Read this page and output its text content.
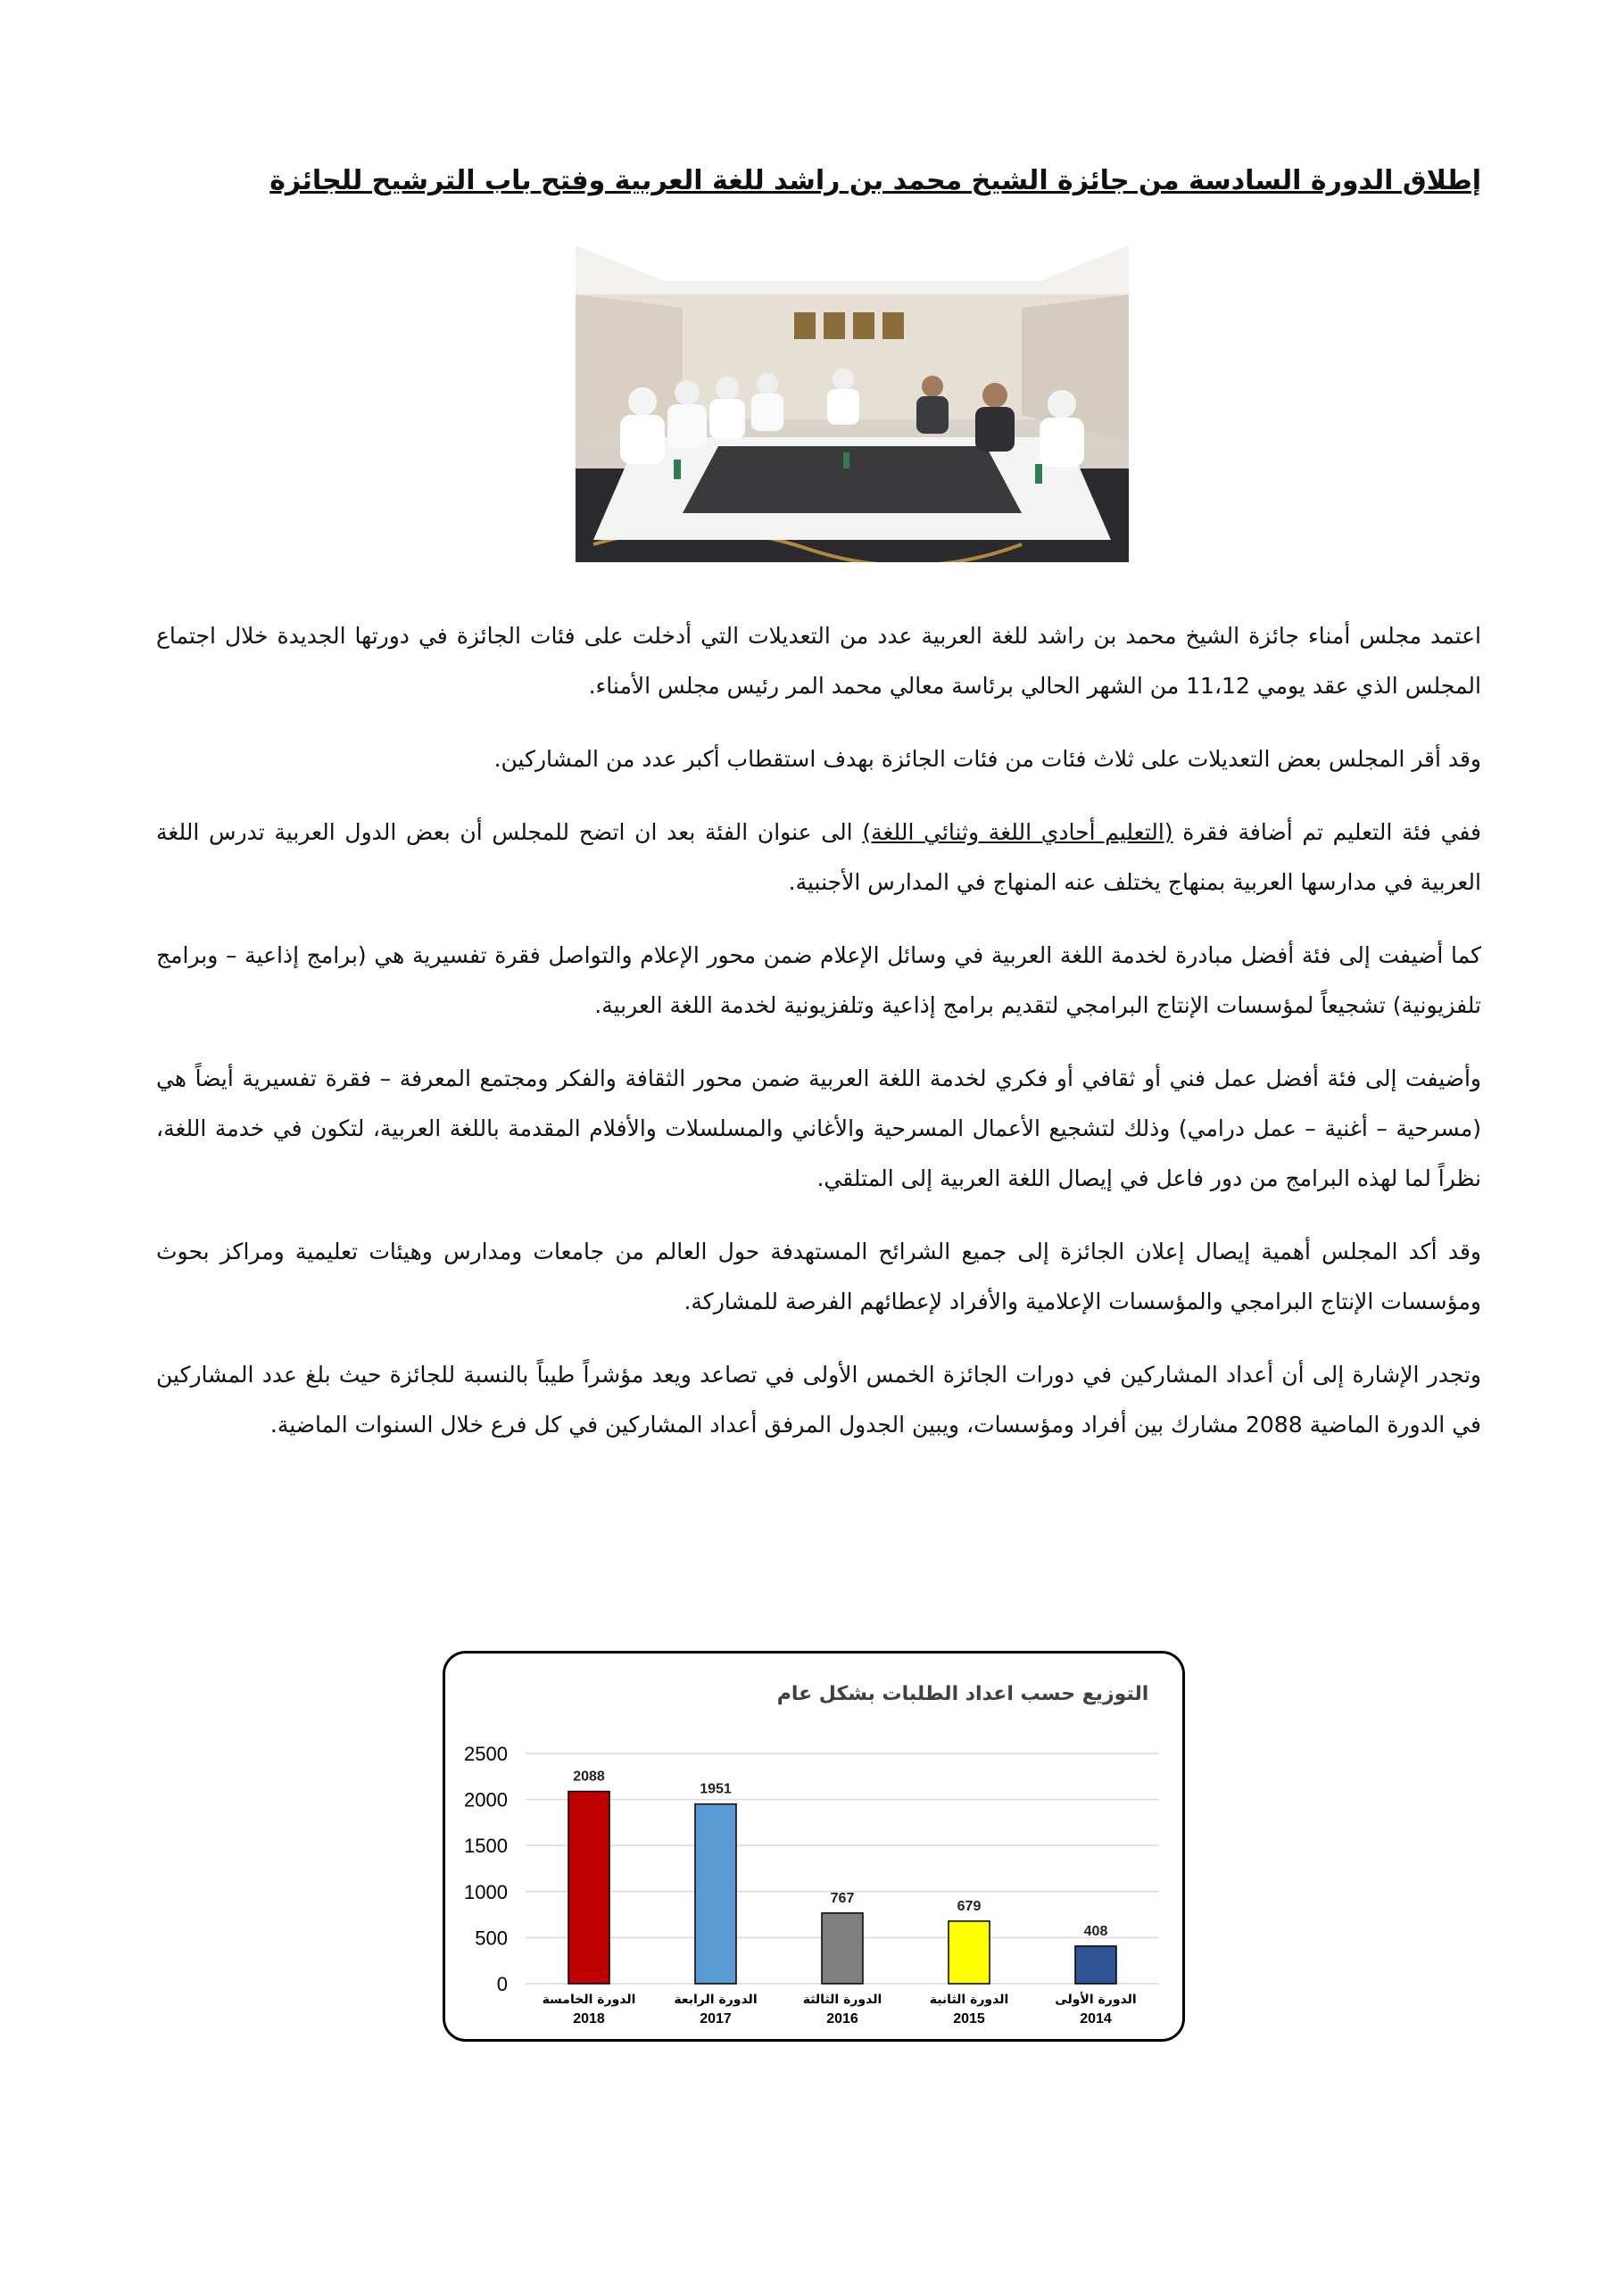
إطلاق الدورة السادسة من جائزة الشيخ محمد بن راشد للغة العربية وفتح باب الترشيح للجائزة

اعتمد مجلس أمناء جائزة الشيخ محمد بن راشد للغة العربية عدد من التعديلات التي أدخلت على فئات الجائزة في دورتها الجديدة خلال اجتماع المجلس الذي عقد يومي 11،12 من الشهر الحالي برئاسة معالي محمد المر رئيس مجلس الأمناء.

وقد أقر المجلس بعض التعديلات على ثلاث فئات من فئات الجائزة بهدف استقطاب أكبر عدد من المشاركين.

ففي فئة التعليم تم أضافة فقرة (التعليم أحادي اللغة وثنائي اللغة) الى عنوان الفئة بعد ان اتضح للمجلس أن بعض الدول العربية تدرس اللغة العربية في مدارسها العربية بمنهاج يختلف عنه المنهاج في المدارس الأجنبية.

كما أضيفت إلى فئة أفضل مبادرة لخدمة اللغة العربية في وسائل الإعلام ضمن محور الإعلام والتواصل فقرة تفسيرية هي (برامج إذاعية – وبرامج تلفزيونية) تشجيعاً لمؤسسات الإنتاج البرامجي لتقديم برامج إذاعية وتلفزيونية لخدمة اللغة العربية.

وأضيفت إلى فئة أفضل عمل فني أو ثقافي أو فكري لخدمة اللغة العربية ضمن محور الثقافة والفكر ومجتمع المعرفة – فقرة تفسيرية أيضاً هي (مسرحية – أغنية – عمل درامي) وذلك لتشجيع الأعمال المسرحية والأغاني والمسلسلات والأفلام المقدمة باللغة العربية، لتكون في خدمة اللغة، نظراً لما لهذه البرامج من دور فاعل في إيصال اللغة العربية إلى المتلقي.

وقد أكد المجلس أهمية إيصال إعلان الجائزة إلى جميع الشرائح المستهدفة حول العالم من جامعات ومدارس وهيئات تعليمية ومراكز بحوث ومؤسسات الإنتاج البرامجي والمؤسسات الإعلامية والأفراد لإعطائهم الفرصة للمشاركة.

وتجدر الإشارة إلى أن أعداد المشاركين في دورات الجائزة الخمس الأولى في تصاعد ويعد مؤشراً طيباً بالنسبة للجائزة حيث بلغ عدد المشاركين في الدورة الماضية 2088 مشارك بين أفراد ومؤسسات، ويبين الجدول المرفق أعداد المشاركين في كل فرع خلال السنوات الماضية.

التوزيع حسب اعداد الطلبات بشكل عام
0
500
1000
1500
2000
2500
2088
الدورة الخامسة
2018
1951
الدورة الرابعة
2017
767
الدورة الثالثة
2016
679
الدورة الثانية
2015
408
الدورة الأولى
2014
